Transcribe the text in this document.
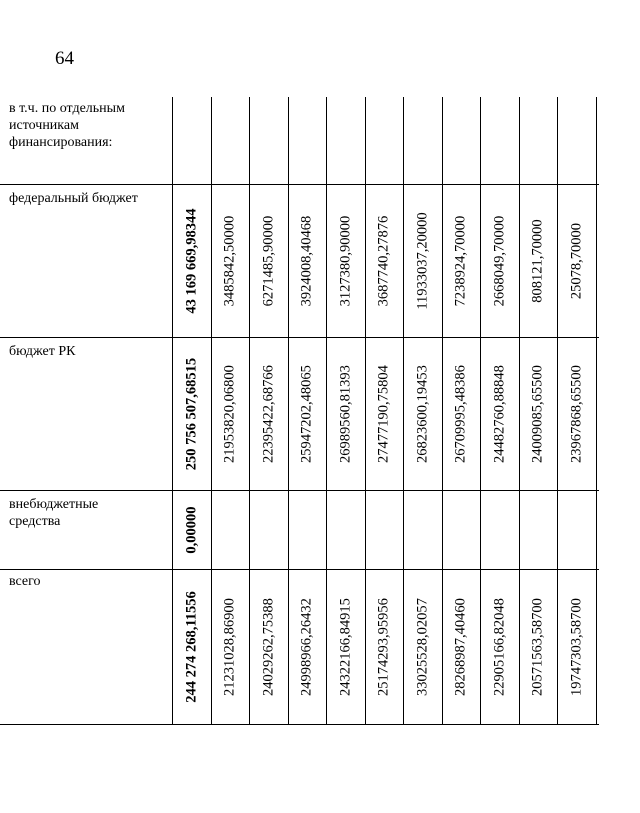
64
в т.ч. по отдельным источникам финансирования:
федеральный бюджет
бюджет РК
внебюджетные средства
всего
43 169 669,98344 3485842,50000 6271485,90000 3924008,40468 3127380,90000 3687740,27876 11933037,20000 7238924,70000 2668049,70000 808121,70000 25078,70000
250 756 507,68515 21953820,06800 22395422,68766 25947202,48065 26989560,81393 27477190,75804 26823600,19453 26709995,48386 24482760,88848 24009085,65500 23967868,65500
0,00000
244 274 268,11556 21231028,86900 24029262,75388 24998966,26432 24322166,84915 25174293,95956 33025528,02057 28268987,40460 22905166,82048 20571563,58700 19747303,58700
